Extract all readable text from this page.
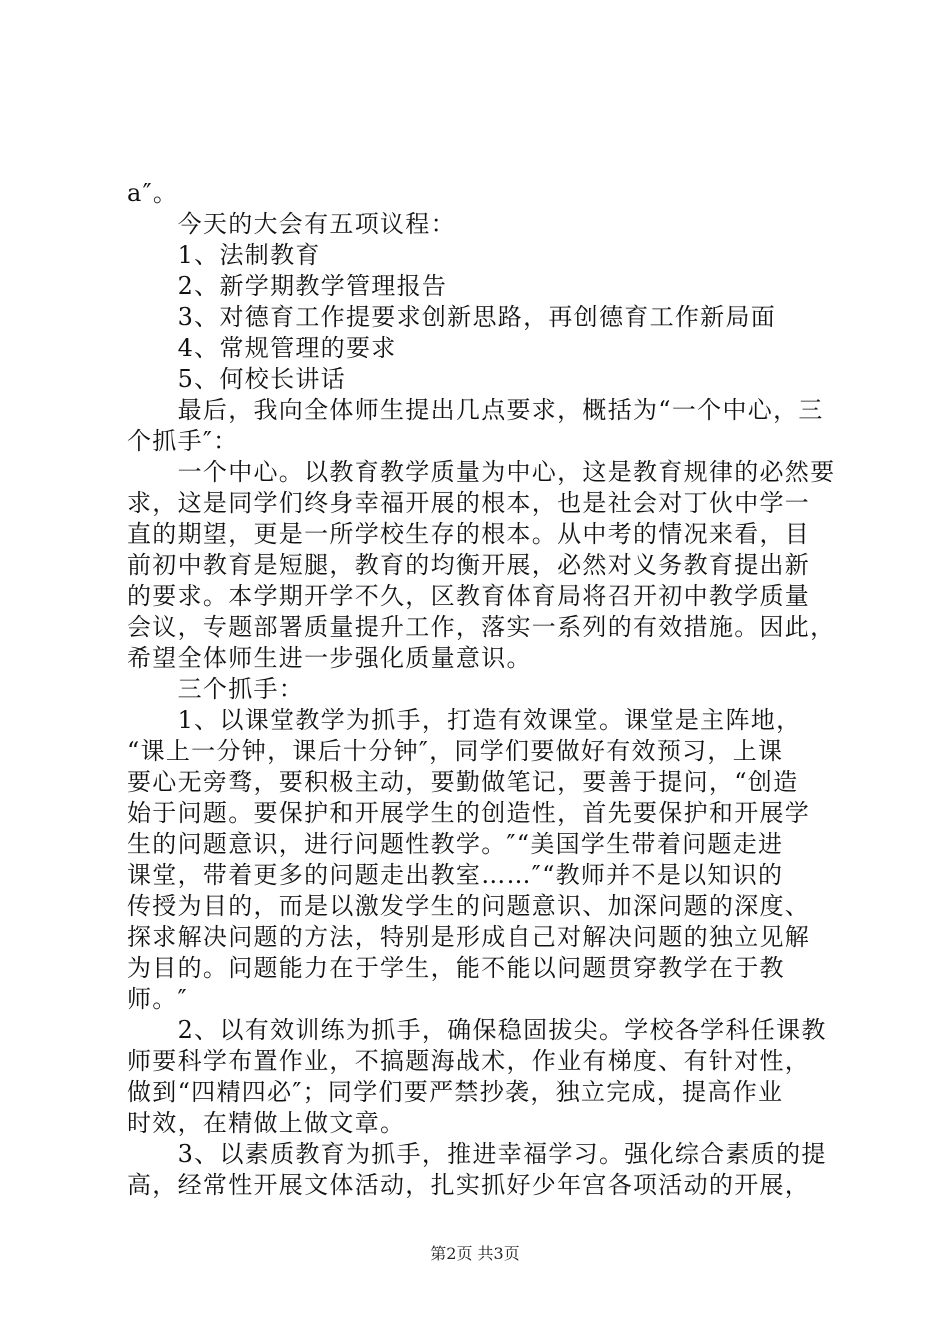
a″。
　　今天的大会有五项议程：
　　1、法制教育
　　2、新学期教学管理报告
　　3、对德育工作提要求创新思路，再创德育工作新局面
　　4、常规管理的要求
　　5、何校长讲话
　　最后，我向全体师生提出几点要求，概括为“一个中心，三
个抓手″：
　　一个中心。以教育教学质量为中心，这是教育规律的必然要
求，这是同学们终身幸福开展的根本，也是社会对丁伙中学一
直的期望，更是一所学校生存的根本。从中考的情况来看，目
前初中教育是短腿，教育的均衡开展，必然对义务教育提出新
的要求。本学期开学不久，区教育体育局将召开初中教学质量
会议，专题部署质量提升工作，落实一系列的有效措施。因此，
希望全体师生进一步强化质量意识。
　　三个抓手：
　　1、以课堂教学为抓手，打造有效课堂。课堂是主阵地，
“课上一分钟，课后十分钟″，同学们要做好有效预习，上课
要心无旁骛，要积极主动，要勤做笔记，要善于提问，“创造
始于问题。要保护和开展学生的创造性，首先要保护和开展学
生的问题意识，进行问题性教学。″“美国学生带着问题走进
课堂，带着更多的问题走出教室……″“教师并不是以知识的
传授为目的，而是以激发学生的问题意识、加深问题的深度、
探求解决问题的方法，特别是形成自己对解决问题的独立见解
为目的。问题能力在于学生，能不能以问题贯穿教学在于教
师。″
　　2、以有效训练为抓手，确保稳固拔尖。学校各学科任课教
师要科学布置作业，不搞题海战术，作业有梯度、有针对性，
做到“四精四必″；同学们要严禁抄袭，独立完成，提高作业
时效，在精做上做文章。
　　3、以素质教育为抓手，推进幸福学习。强化综合素质的提
高，经常性开展文体活动，扎实抓好少年宫各项活动的开展，
第2页 共3页
